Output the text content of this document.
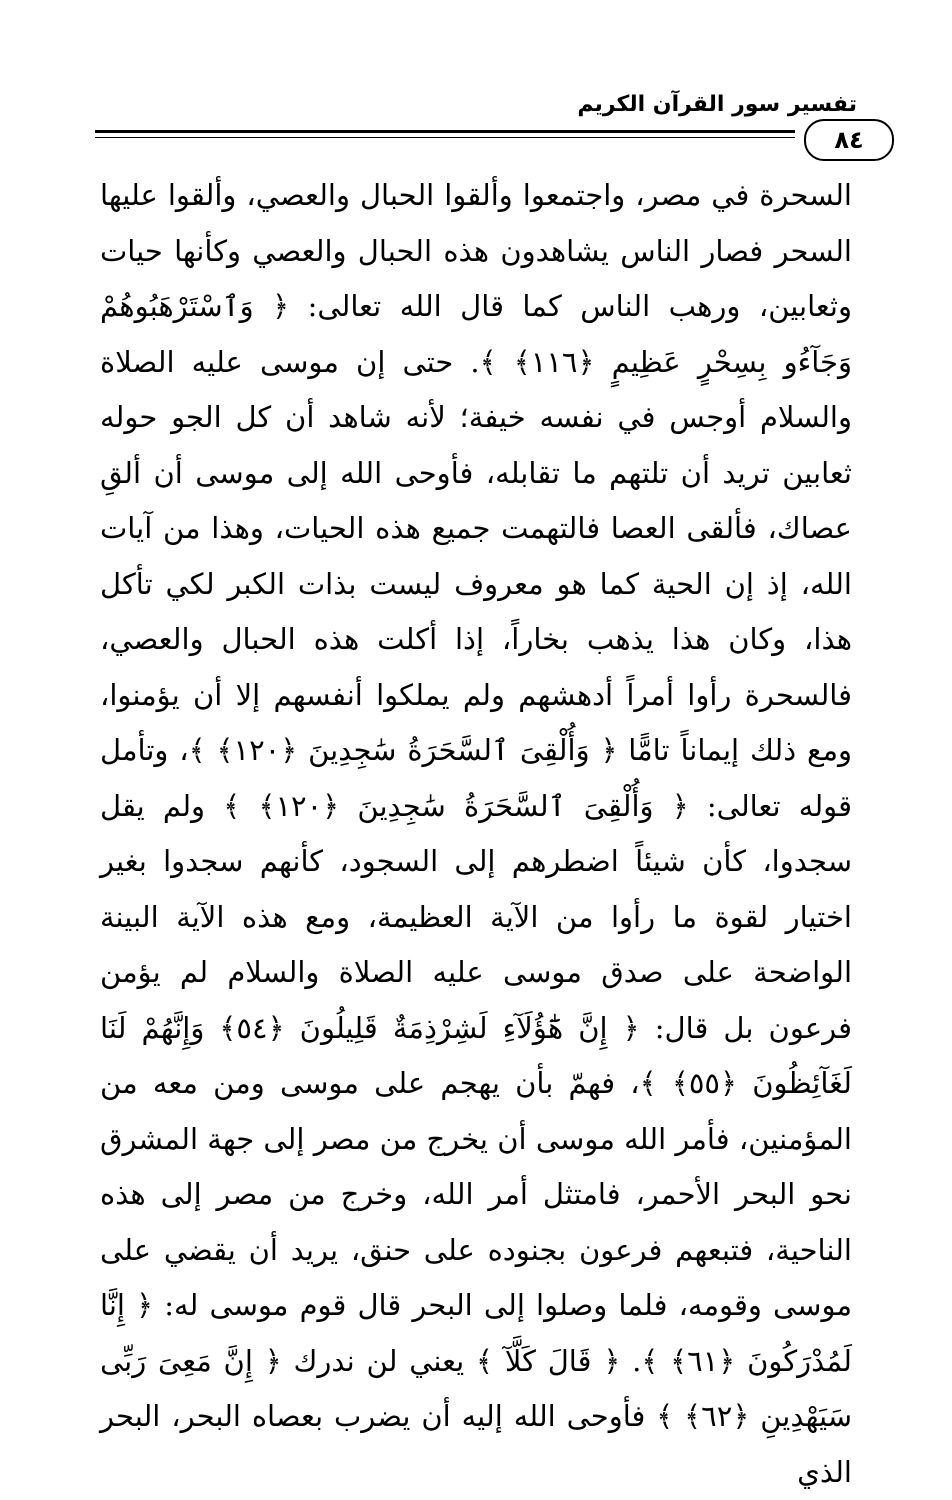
تفسير سور القرآن الكريم
٨٤

السحرة في مصر، واجتمعوا وألقوا الحبال والعصي، وألقوا عليها السحر فصار الناس يشاهدون هذه الحبال والعصي وكأنها حيات وثعابين، ورهب الناس كما قال الله تعالى: ﴿ وَٱسْتَرْهَبُوهُمْ وَجَآءُو بِسِحْرٍ عَظِيمٍ ﴿١١٦﴾ ﴾. حتى إن موسى عليه الصلاة والسلام أوجس في نفسه خيفة؛ لأنه شاهد أن كل الجو حوله ثعابين تريد أن تلتهم ما تقابله، فأوحى الله إلى موسى أن ألقِ عصاك، فألقى العصا فالتهمت جميع هذه الحيات، وهذا من آيات الله، إذ إن الحية كما هو معروف ليست بذات الكبر لكي تأكل هذا، وكان هذا يذهب بخاراً، إذا أكلت هذه الحبال والعصي، فالسحرة رأوا أمراً أدهشهم ولم يملكوا أنفسهم إلا أن يؤمنوا، ومع ذلك إيماناً تامًّا ﴿ وَأُلْقِىَ ٱلسَّحَرَةُ سَٰجِدِينَ ﴿١٢٠﴾ ﴾، وتأمل قوله تعالى: ﴿ وَأُلْقِىَ ٱلسَّحَرَةُ سَٰجِدِينَ ﴿١٢٠﴾ ﴾ ولم يقل سجدوا، كأن شيئاً اضطرهم إلى السجود، كأنهم سجدوا بغير اختيار لقوة ما رأوا من الآية العظيمة، ومع هذه الآية البينة الواضحة على صدق موسى عليه الصلاة والسلام لم يؤمن فرعون بل قال: ﴿ إِنَّ هَٰٓؤُلَآءِ لَشِرْذِمَةٌ قَلِيلُونَ ﴿٥٤﴾ وَإِنَّهُمْ لَنَا لَغَآئِظُونَ ﴿٥٥﴾ ﴾، فهمّ بأن يهجم على موسى ومن معه من المؤمنين، فأمر الله موسى أن يخرج من مصر إلى جهة المشرق نحو البحر الأحمر، فامتثل أمر الله، وخرج من مصر إلى هذه الناحية، فتبعهم فرعون بجنوده على حنق، يريد أن يقضي على موسى وقومه، فلما وصلوا إلى البحر قال قوم موسى له: ﴿ إِنَّا لَمُدْرَكُونَ ﴿٦١﴾ ﴾. ﴿ قَالَ كَلَّآ ﴾ يعني لن ندرك ﴿ إِنَّ مَعِىَ رَبِّى سَيَهْدِينِ ﴿٦٢﴾ ﴾ فأوحى الله إليه أن يضرب بعصاه البحر، البحر الذي
